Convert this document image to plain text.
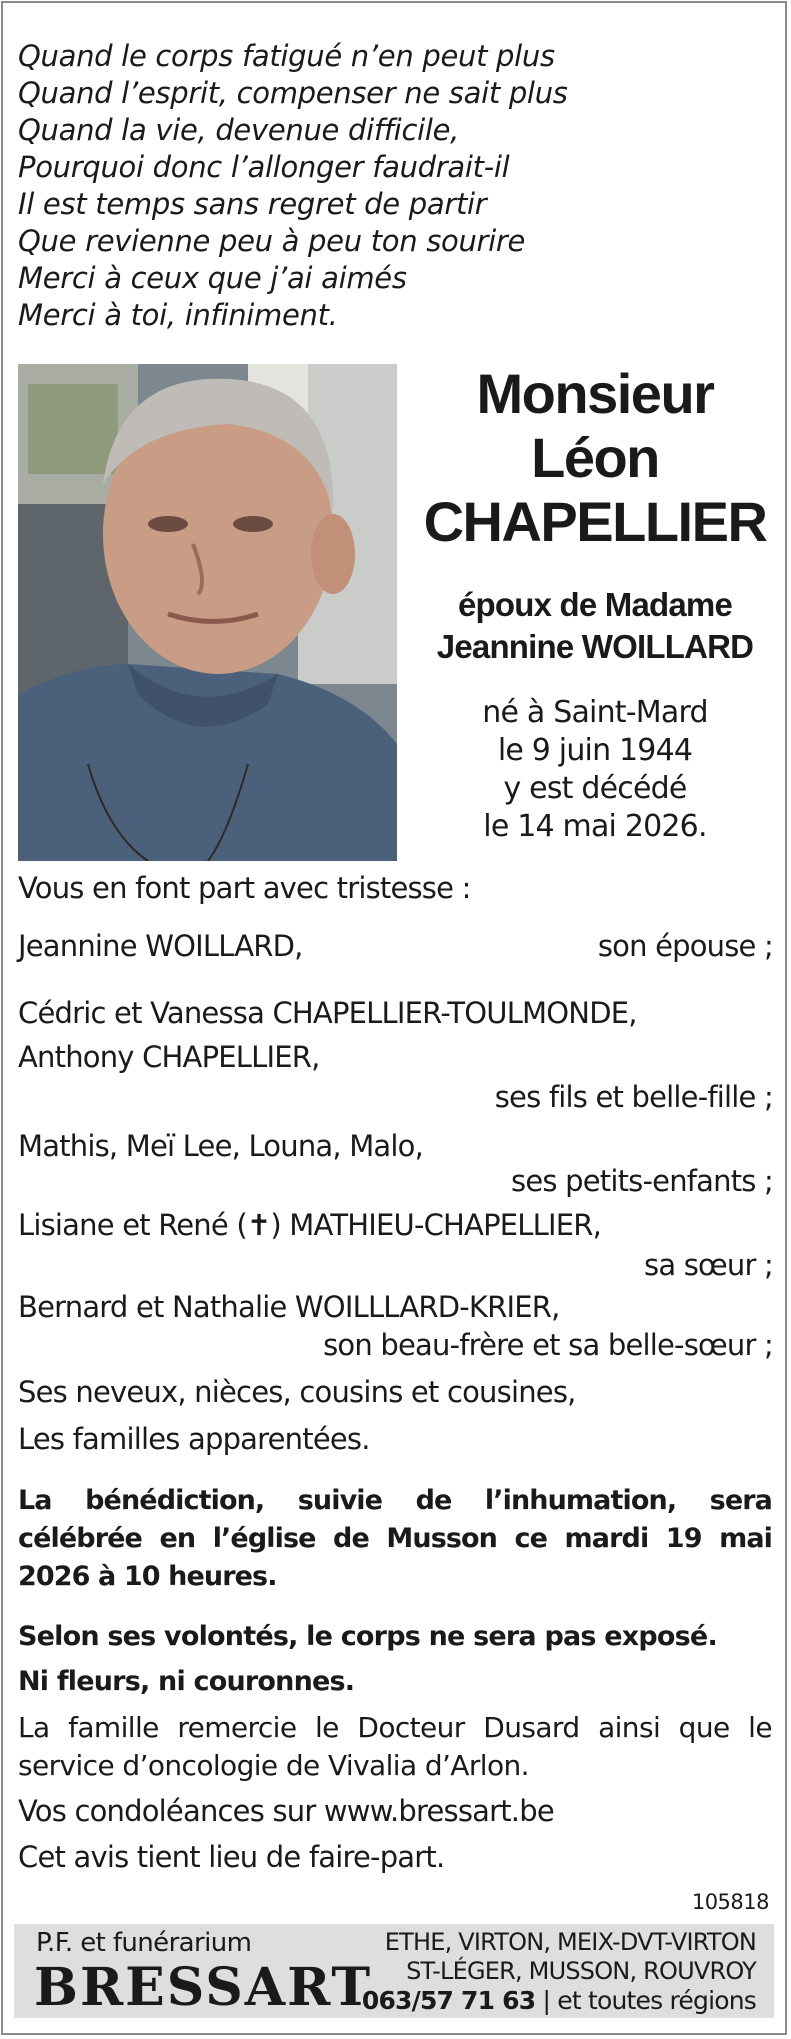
Quand le corps fatigué n’en peut plus
Quand l’esprit, compenser ne sait plus
Quand la vie, devenue difficile,
Pourquoi donc l’allonger faudrait-il
Il est temps sans regret de partir
Que revienne peu à peu ton sourire
Merci à ceux que j’ai aimés
Merci à toi, infiniment.
Monsieur
Léon
CHAPELLIER
époux de Madame
Jeannine WOILLARD
né à Saint-Mard
le 9 juin 1944
y est décédé
le 14 mai 2026.
Vous en font part avec tristesse :
Jeannine WOILLARD,	son épouse ;
Cédric et Vanessa CHAPELLIER-TOULMONDE,
Anthony CHAPELLIER,
ses fils et belle-fille ;
Mathis, Meï Lee, Louna, Malo,
ses petits-enfants ;
Lisiane et René (✝) MATHIEU-CHAPELLIER,
sa sœur ;
Bernard et Nathalie WOILLLARD-KRIER,
son beau-frère et sa belle-sœur ;
Ses neveux, nièces, cousins et cousines,
Les familles apparentées.
La bénédiction, suivie de l’inhumation, sera célébrée en l’église de Musson ce mardi 19 mai 2026 à 10 heures.
Selon ses volontés, le corps ne sera pas exposé.
Ni fleurs, ni couronnes.
La famille remercie le Docteur Dusard ainsi que le service d’oncologie de Vivalia d’Arlon.
Vos condoléances sur www.bressart.be
Cet avis tient lieu de faire-part.
105818
P.F. et funérarium
BRESSART
ETHE, VIRTON, MEIX-DVT-VIRTON
ST-LÉGER, MUSSON, ROUVROY
063/57 71 63 | et toutes régions
